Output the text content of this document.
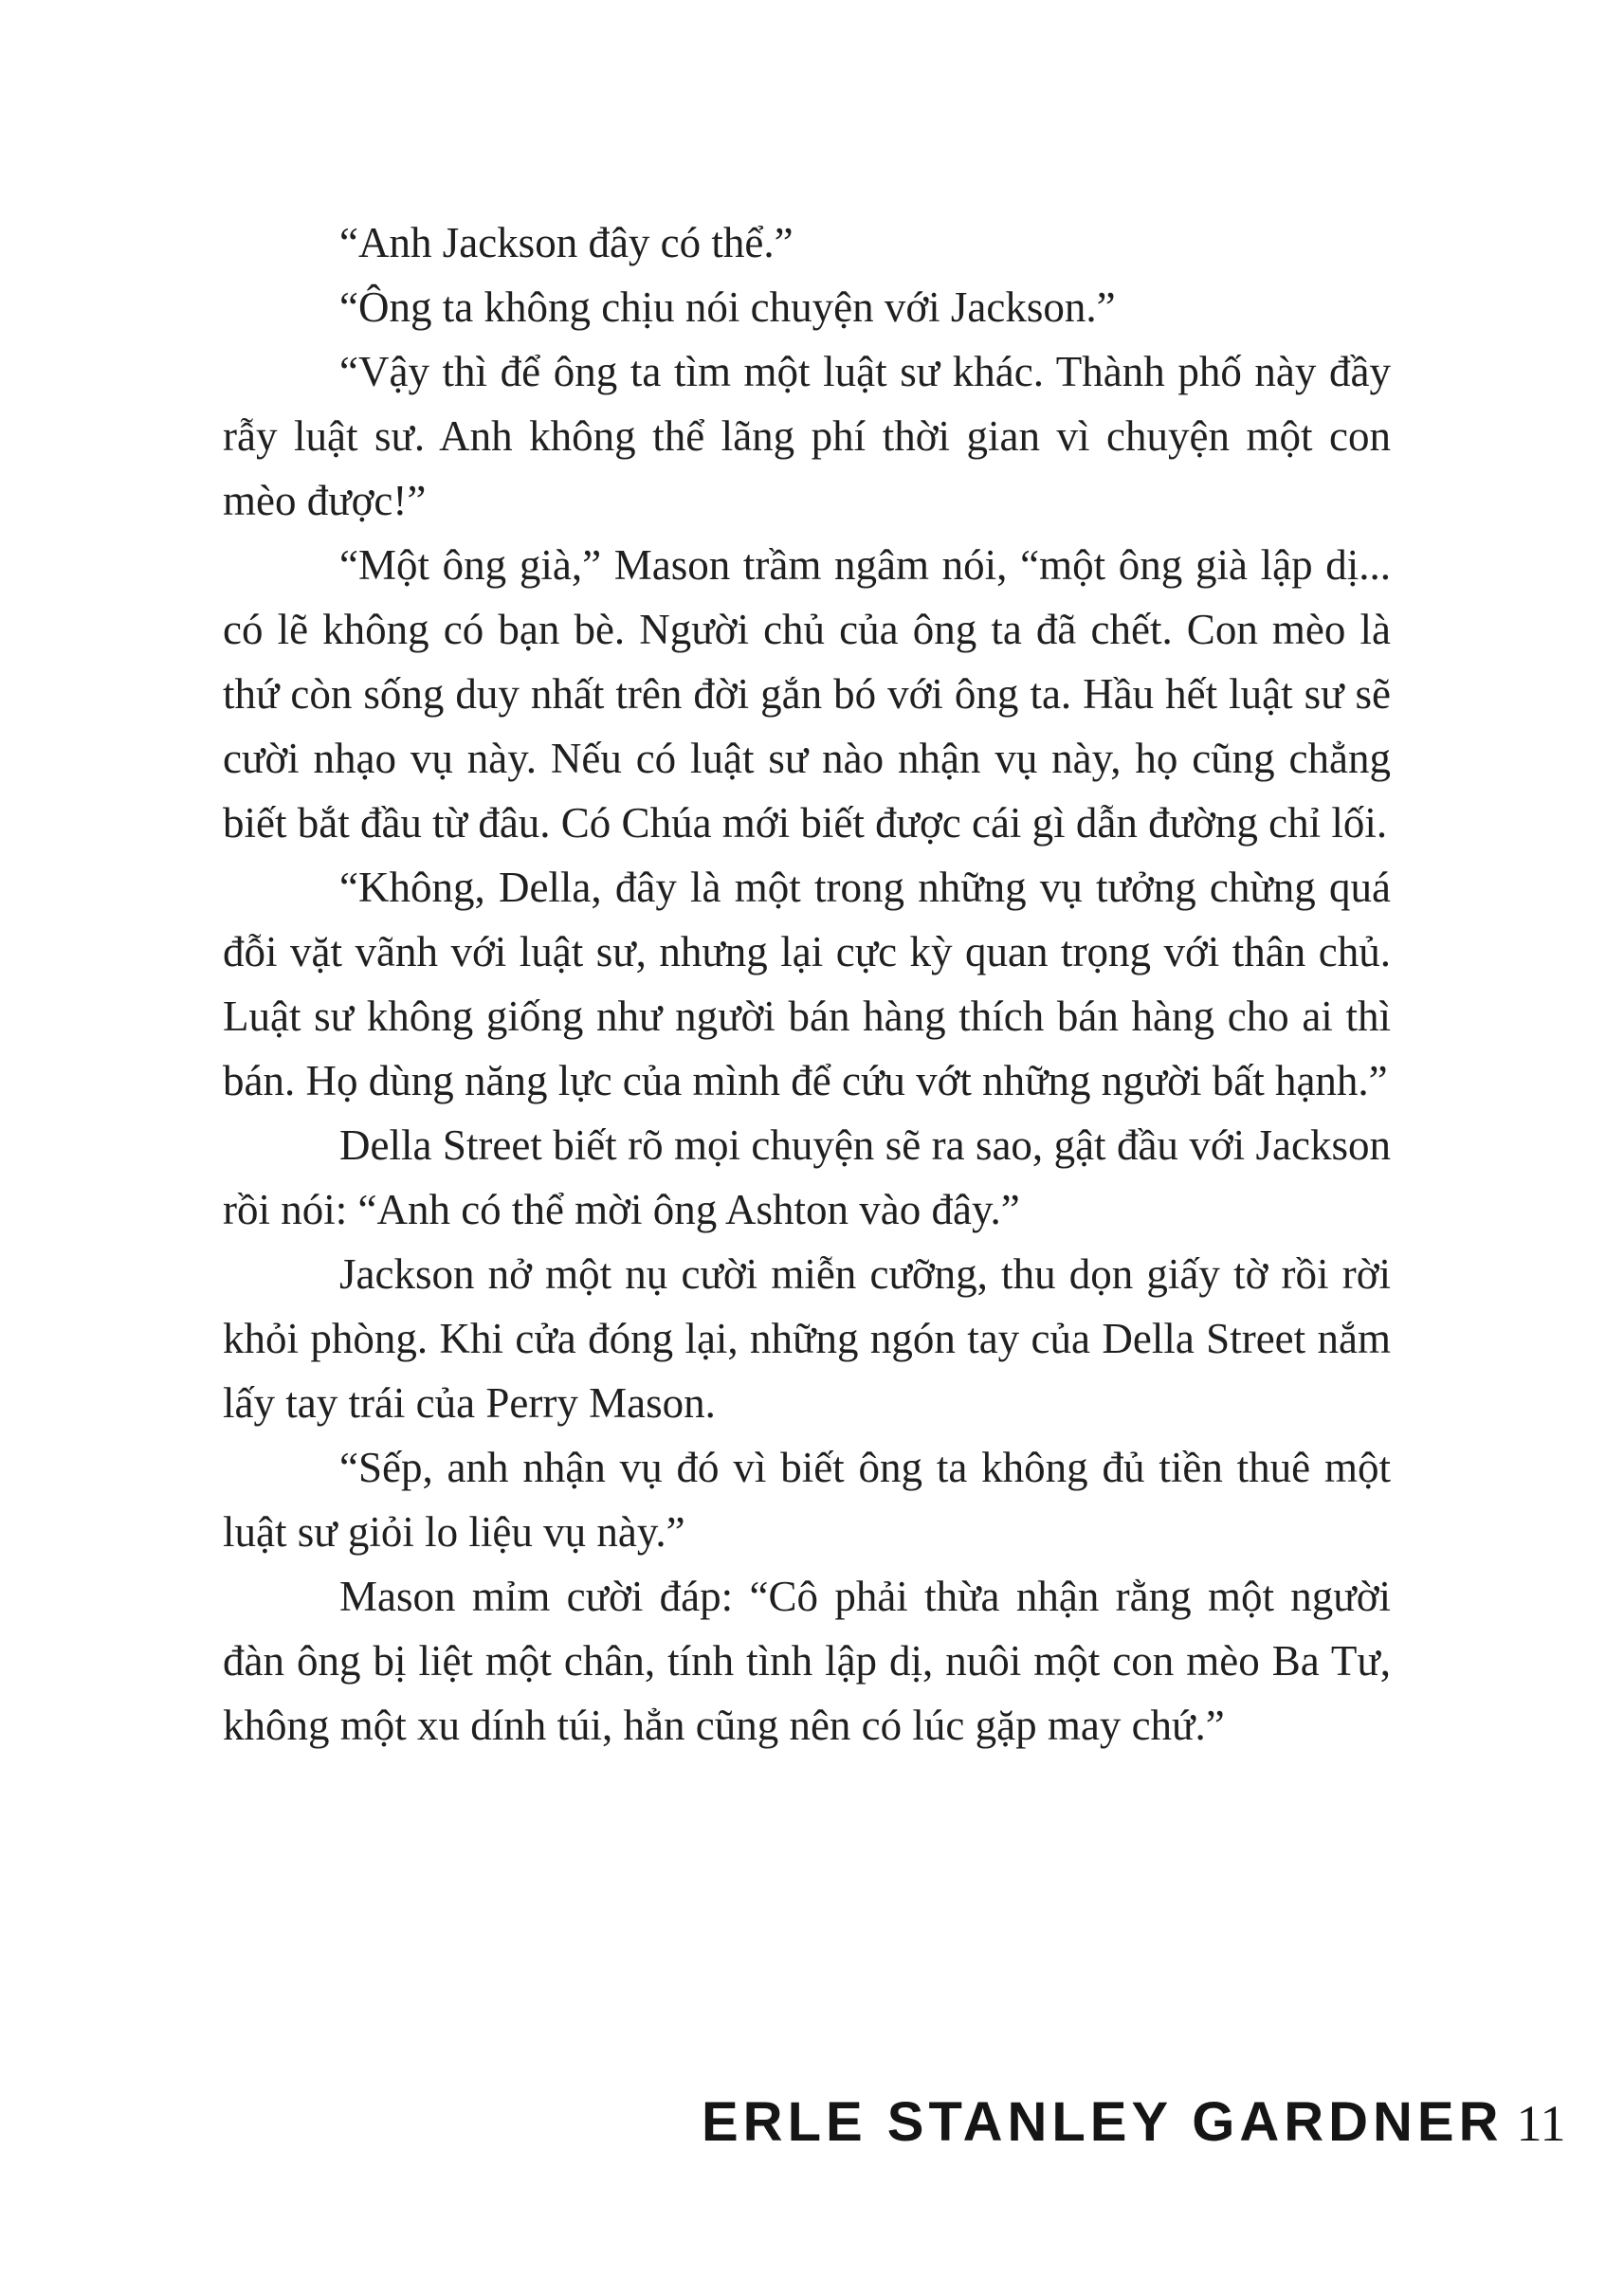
“Anh Jackson đây có thể.”

“Ông ta không chịu nói chuyện với Jackson.”

“Vậy thì để ông ta tìm một luật sư khác. Thành phố này đầy rẫy luật sư. Anh không thể lãng phí thời gian vì chuyện một con mèo được!”

“Một ông già,” Mason trầm ngâm nói, “một ông già lập dị... có lẽ không có bạn bè. Người chủ của ông ta đã chết. Con mèo là thứ còn sống duy nhất trên đời gắn bó với ông ta. Hầu hết luật sư sẽ cười nhạo vụ này. Nếu có luật sư nào nhận vụ này, họ cũng chẳng biết bắt đầu từ đâu. Có Chúa mới biết được cái gì dẫn đường chỉ lối.

“Không, Della, đây là một trong những vụ tưởng chừng quá đỗi vặt vãnh với luật sư, nhưng lại cực kỳ quan trọng với thân chủ. Luật sư không giống như người bán hàng thích bán hàng cho ai thì bán. Họ dùng năng lực của mình để cứu vớt những người bất hạnh.”

Della Street biết rõ mọi chuyện sẽ ra sao, gật đầu với Jackson rồi nói: “Anh có thể mời ông Ashton vào đây.”

Jackson nở một nụ cười miễn cưỡng, thu dọn giấy tờ rồi rời khỏi phòng. Khi cửa đóng lại, những ngón tay của Della Street nắm lấy tay trái của Perry Mason.

“Sếp, anh nhận vụ đó vì biết ông ta không đủ tiền thuê một luật sư giỏi lo liệu vụ này.”

Mason mỉm cười đáp: “Cô phải thừa nhận rằng một người đàn ông bị liệt một chân, tính tình lập dị, nuôi một con mèo Ba Tư, không một xu dính túi, hẳn cũng nên có lúc gặp may chứ.”

ERLE STANLEY GARDNER 11
